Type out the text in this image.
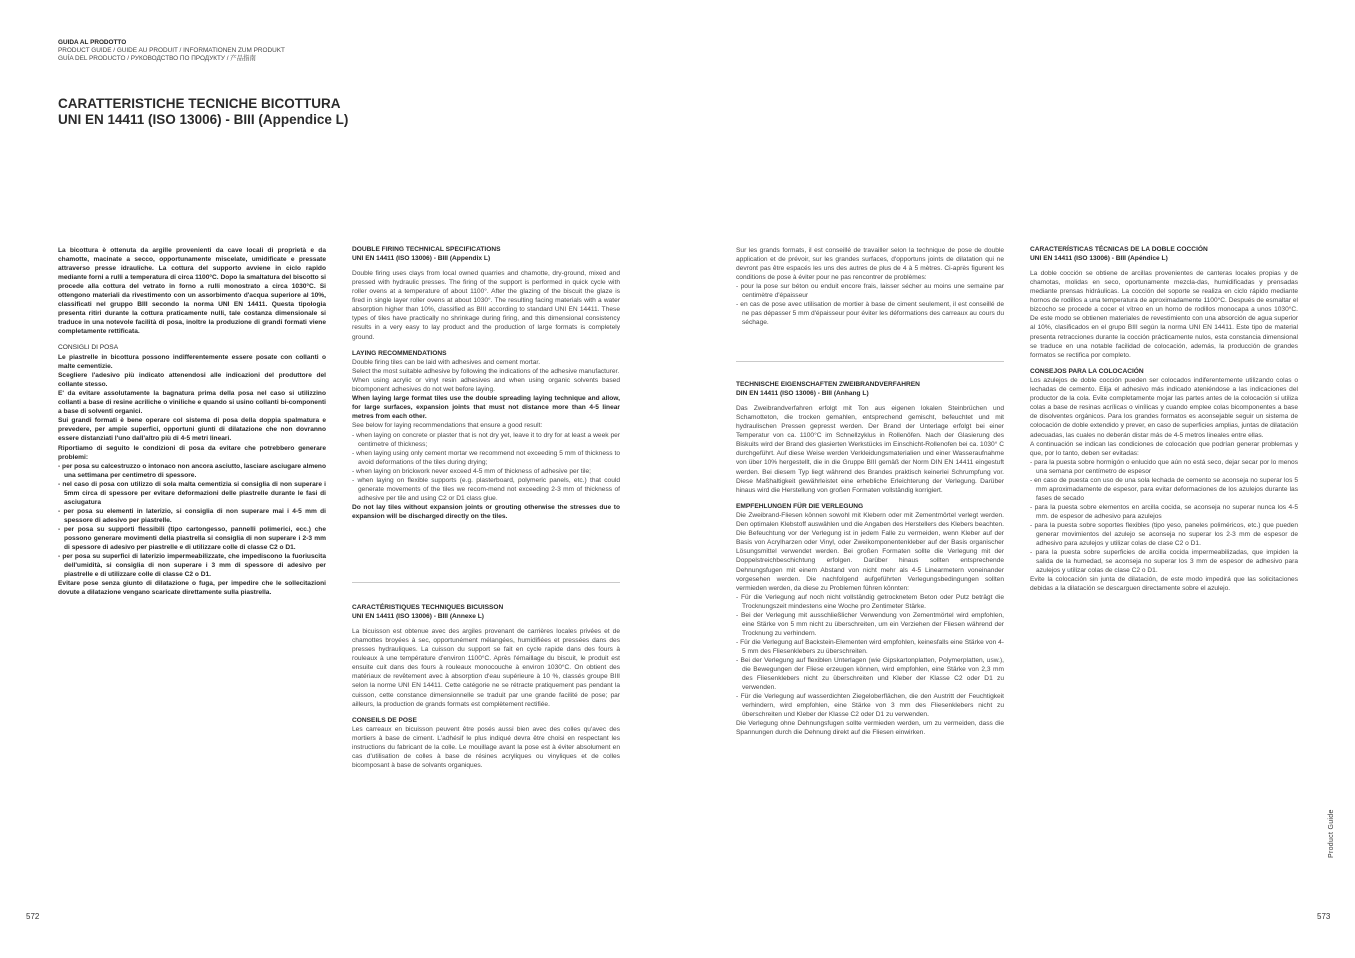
GUIDA AL PRODOTTO
PRODUCT GUIDE / GUIDE AU PRODUIT / INFORMATIONEN ZUM PRODUKT
GUÍA DEL PRODUCTO / РУКОВОДСТВО ПО ПРОДУКТУ / 产品指南
CARATTERISTICHE TECNICHE BICOTTURA
UNI EN 14411 (ISO 13006) - BIII (Appendice L)

La bicottura è ottenuta da argille provenienti da cave locali di proprietà e da chamotte, macinate a secco, opportunamente miscelate, umidificate e pressate attraverso presse idrauliche. La cottura del supporto avviene in ciclo rapido mediante forni a rulli a temperatura di circa 1100°C. Dopo la smaltatura del biscotto si procede alla cottura del vetrato in forno a rulli monostrato a circa 1030°C. Si ottengono materiali da rivestimento con un assorbimento d'acqua superiore al 10%, classificati nel gruppo BIII secondo la norma UNI EN 14411. Questa tipologia presenta ritiri durante la cottura praticamente nulli, tale costanza dimensionale si traduce in una notevole facilità di posa, inoltre la produzione di grandi formati viene completamente rettificata.

CONSIGLI DI POSA

Le piastrelle in bicottura possono indifferentemente essere posate con collanti o malte cementizie.

Scegliere l'adesivo più indicato attenendosi alle indicazioni del produttore del collante stesso.

E' da evitare assolutamente la bagnatura prima della posa nel caso si utilizzino collanti a base di resine acriliche o viniliche e quando si usino collanti bi-componenti a base di solventi organici.

Sui grandi formati è bene operare col sistema di posa della doppia spalmatura e prevedere, per ampie superfici, opportuni giunti di dilatazione che non dovranno essere distanziati l'uno dall'altro più di 4-5 metri lineari.

Riportiamo di seguito le condizioni di posa da evitare che potrebbero generare problemi:

- per posa su calcestruzzo o intonaco non ancora asciutto, lasciare asciugare almeno una settimana per centimetro di spessore.
- nel caso di posa con utilizzo di sola malta cementizia si consiglia di non superare i 5mm circa di spessore per evitare deformazioni delle piastrelle durante le fasi di asciugatura
- per posa su elementi in laterizio, si consiglia di non superare mai i 4-5 mm di spessore di adesivo per piastrelle.
- per posa su supporti flessibili (tipo cartongesso, pannelli polimerici, ecc.) che possono generare movimenti della piastrella si consiglia di non superare i 2-3 mm di spessore di adesivo per piastrelle e di utilizzare colle di classe C2 o D1.
- per posa su superfici di laterizio impermeabilizzate, che impediscono la fuoriuscita dell'umidità, si consiglia di non superare i 3 mm di spessore di adesivo per piastrelle e di utilizzare colle di classe C2 o D1.

Evitare pose senza giunto di dilatazione o fuga, per impedire che le sollecitazioni dovute a dilatazione vengano scaricate direttamente sulla piastrella.

DOUBLE FIRING TECHNICAL SPECIFICATIONS
UNI EN 14411 (ISO 13006) - BIII (Appendix L)

Double firing uses clays from local owned quarries and chamotte, dry-ground, mixed and pressed with hydraulic presses. The firing of the support is performed in quick cycle with roller ovens at a temperature of about 1100°. After the glazing of the biscuit the glaze is fired in single layer roller ovens at about 1030°. The resulting facing materials with a water absorption higher than 10%, classified as BIII according to standard UNI EN 14411. These types of tiles have practically no shrinkage during firing, and this dimensional consistency results in a very easy to lay product and the production of large formats is completely ground.

LAYING RECOMMENDATIONS

Double firing tiles can be laid with adhesives and cement mortar.

Select the most suitable adhesive by following the indications of the adhesive manufacturer.

When using acrylic or vinyl resin adhesives and when using organic solvents based bicomponent adhesives do not wet before laying.

When laying large format tiles use the double spreading laying technique and allow, for large surfaces, expansion joints that must not distance more than 4-5 linear metres from each other.

See below for laying recommendations that ensure a good result:

- when laying on concrete or plaster that is not dry yet, leave it to dry for at least a week per centimetre of thickness;
- when laying using only cement mortar we recommend not exceeding 5 mm of thickness to avoid deformations of the tiles during drying;
- when laying on brickwork never exceed 4-5 mm of thickness of adhesive per tile;
- when laying on flexible supports (e.g. plasterboard, polymeric panels, etc.) that could generate movements of the tiles we recom-mend not exceeding 2-3 mm of thickness of adhesive per tile and using C2 or D1 class glue.

Do not lay tiles without expansion joints or grouting otherwise the stresses due to expansion will be discharged directly on the tiles.

CARACTÉRISTIQUES TECHNIQUES BICUISSON
UNI EN 14411 (ISO 13006) - BIII (Annexe L)

La bicuisson est obtenue avec des argiles provenant de carrières locales privées et de chamottes broyées à sec, opportunément mélangées, humidifiées et pressées dans des presses hydrauliques. La cuisson du support se fait en cycle rapide dans des fours à rouleaux à une température d'environ 1100°C. Après l'émaillage du biscuit, le produit est ensuite cuit dans des fours à rouleaux monocouche à environ 1030°C. On obtient des matériaux de revêtement avec à absorption d'eau supérieure à 10 %, classés groupe BIII selon la norme UNI EN 14411. Cette catégorie ne se rétracte pratiquement pas pendant la cuisson, cette constance dimensionnelle se traduit par une grande facilité de pose; par ailleurs, la production de grands formats est complètement rectifiée.

CONSEILS DE POSE

Les carreaux en bicuisson peuvent être posés aussi bien avec des colles qu'avec des mortiers à base de ciment. L'adhésif le plus indiqué devra être choisi en respectant les instructions du fabricant de la colle. Le mouillage avant la pose est à éviter absolument en cas d'utilisation de colles à base de résines acryliques ou vinyliques et de colles bicomposant à base de solvants organiques.

Sur les grands formats, il est conseillé de travailler selon la technique de pose de double application et de prévoir, sur les grandes surfaces, d'opportuns joints de dilatation qui ne devront pas être espacés les uns des autres de plus de 4 à 5 mètres. Ci-après figurent les conditions de pose à éviter pour ne pas rencontrer de problèmes:

- pour la pose sur béton ou enduit encore frais, laisser sécher au moins une semaine par centimètre d'épaisseur
- en cas de pose avec utilisation de mortier à base de ciment seulement, il est conseillé de ne pas dépasser 5 mm d'épaisseur pour éviter les déformations des carreaux au cours du séchage.
TECHNISCHE EIGENSCHAFTEN ZWEIBRANDVERFAHREN
DIN EN 14411 (ISO 13006) - BIII (Anhang L)

Das Zweibrandverfahren erfolgt mit Ton aus eigenen lokalen Steinbrüchen und Schamotteton, die trocken gemahlen, entsprechend gemischt, befeuchtet und mit hydraulischen Pressen gepresst werden. Der Brand der Unterlage erfolgt bei einer Temperatur von ca. 1100°C im Schnellzyklus in Rollenöfen. Nach der Glasierung des Biskuits wird der Brand des glasierten Werkstücks im Einschicht-Rollenofen bei ca. 1030° C durchgeführt. Auf diese Weise werden Verkleidungsmaterialien und einer Wasseraufnahme von über 10% hergestellt, die in die Gruppe BIII gemäß der Norm DIN EN 14411 eingestuft werden. Bei diesem Typ liegt während des Brandes praktisch keinerlei Schrumpfung vor. Diese Maßhaltigkeit gewährleistet eine erhebliche Erleichterung der Verlegung. Darüber hinaus wird die Herstellung von großen Formaten vollständig korrigiert.

EMPFEHLUNGEN FÜR DIE VERLEGUNG

Die Zweibrand-Fliesen können sowohl mit Klebern oder mit Zementmörtel verlegt werden. Den optimalen Klebstoff auswählen und die Angaben des Herstellers des Klebers beachten. Die Befeuchtung vor der Verlegung ist in jedem Falle zu vermeiden, wenn Kleber auf der Basis von Acrylharzen oder Vinyl, oder Zweikomponentenkleber auf der Basis organischer Lösungsmittel verwendet werden. Bei großen Formaten sollte die Verlegung mit der Doppelstreichbeschichtung erfolgen. Darüber hinaus sollten entsprechende Dehnungsfugen mit einem Abstand von nicht mehr als 4-5 Linearmetern voneinander vorgesehen werden. Die nachfolgend aufgeführten Verlegungsbedingungen sollten vermieden werden, da diese zu Problemen führen könnten:

- Für die Verlegung auf noch nicht vollständig getrocknetem Beton oder Putz beträgt die Trocknungszeit mindestens eine Woche pro Zentimeter Stärke.
- Bei der Verlegung mit ausschließlicher Verwendung von Zementmörtel wird empfohlen, eine Stärke von 5 mm nicht zu überschreiten, um ein Verziehen der Fliesen während der Trocknung zu verhindern.
- Für die Verlegung auf Backstein-Elementen wird empfohlen, keinesfalls eine Stärke von 4-5 mm des Fliesenklebers zu überschreiten.
- Bei der Verlegung auf flexiblen Unterlagen (wie Gipskartonplatten, Polymerplatten, usw.), die Bewegungen der Fliese erzeugen können, wird empfohlen, eine Stärke von 2,3 mm des Fliesenklebers nicht zu überschreiten und Kleber der Klasse C2 oder D1 zu verwenden.
- Für die Verlegung auf wasserdichten Ziegeloberflächen, die den Austritt der Feuchtigkeit verhindern, wird empfohlen, eine Stärke von 3 mm des Fliesenklebers nicht zu überschreiten und Kleber der Klasse C2 oder D1 zu verwenden.

Die Verlegung ohne Dehnungsfugen sollte vermieden werden, um zu vermeiden, dass die Spannungen durch die Dehnung direkt auf die Fliesen einwirken.

CARACTERÍSTICAS TÉCNICAS DE LA DOBLE COCCIÓN
UNI EN 14411 (ISO 13006) - BIII (Apéndice L)

La doble cocción se obtiene de arcillas provenientes de canteras locales propias y de chamotas, molidas en seco, oportunamente mezcla-das, humidificadas y prensadas mediante prensas hidráulicas. La cocción del soporte se realiza en ciclo rápido mediante hornos de rodillos a una temperatura de aproximadamente 1100°C. Después de esmaltar el bizcocho se procede a cocer el vítreo en un horno de rodillos monocapa a unos 1030°C. De este modo se obtienen materiales de revestimiento con una absorción de agua superior al 10%, clasificados en el grupo BIII según la norma UNI EN 14411. Este tipo de material presenta retracciones durante la cocción prácticamente nulos, esta constancia dimensional se traduce en una notable facilidad de colocación, además, la producción de grandes formatos se rectifica por completo.

CONSEJOS PARA LA COLOCACIÓN

Los azulejos de doble cocción pueden ser colocados indiferentemente utilizando colas o lechadas de cemento. Elija el adhesivo más indicado ateniéndose a las indicaciones del productor de la cola. Evite completamente mojar las partes antes de la colocación si utiliza colas a base de resinas acrílicas o vinílicas y cuando emplee colas bicomponentes a base de disolventes orgánicos. Para los grandes formatos es aconsejable seguir un sistema de colocación de doble extendido y prever, en caso de superficies amplias, juntas de dilatación adecuadas, las cuales no deberán distar más de 4-5 metros lineales entre ellas.

A continuación se indican las condiciones de colocación que podrían generar problemas y que, por lo tanto, deben ser evitadas:

- para la puesta sobre hormigón o enlucido que aún no está seco, dejar secar por lo menos una semana por centímetro de espesor
- en caso de puesta con uso de una sola lechada de cemento se aconseja no superar los 5 mm aproximadamente de espesor, para evitar deformaciones de los azulejos durante las fases de secado
- para la puesta sobre elementos en arcilla cocida, se aconseja no superar nunca los 4-5 mm. de espesor de adhesivo para azulejos
- para la puesta sobre soportes flexibles (tipo yeso, paneles poliméricos, etc.) que pueden generar movimientos del azulejo se aconseja no superar los 2-3 mm de espesor de adhesivo para azulejos y utilizar colas de clase C2 o D1.
- para la puesta sobre superficies de arcilla cocida impermeabilizadas, que impiden la salida de la humedad, se aconseja no superar los 3 mm de espesor de adhesivo para azulejos y utilizar colas de clase C2 o D1.

Evite la colocación sin junta de dilatación, de este modo impedirá que las solicitaciones debidas a la dilatación se descarguen directamente sobre el azulejo.

572	573
Product Guide
